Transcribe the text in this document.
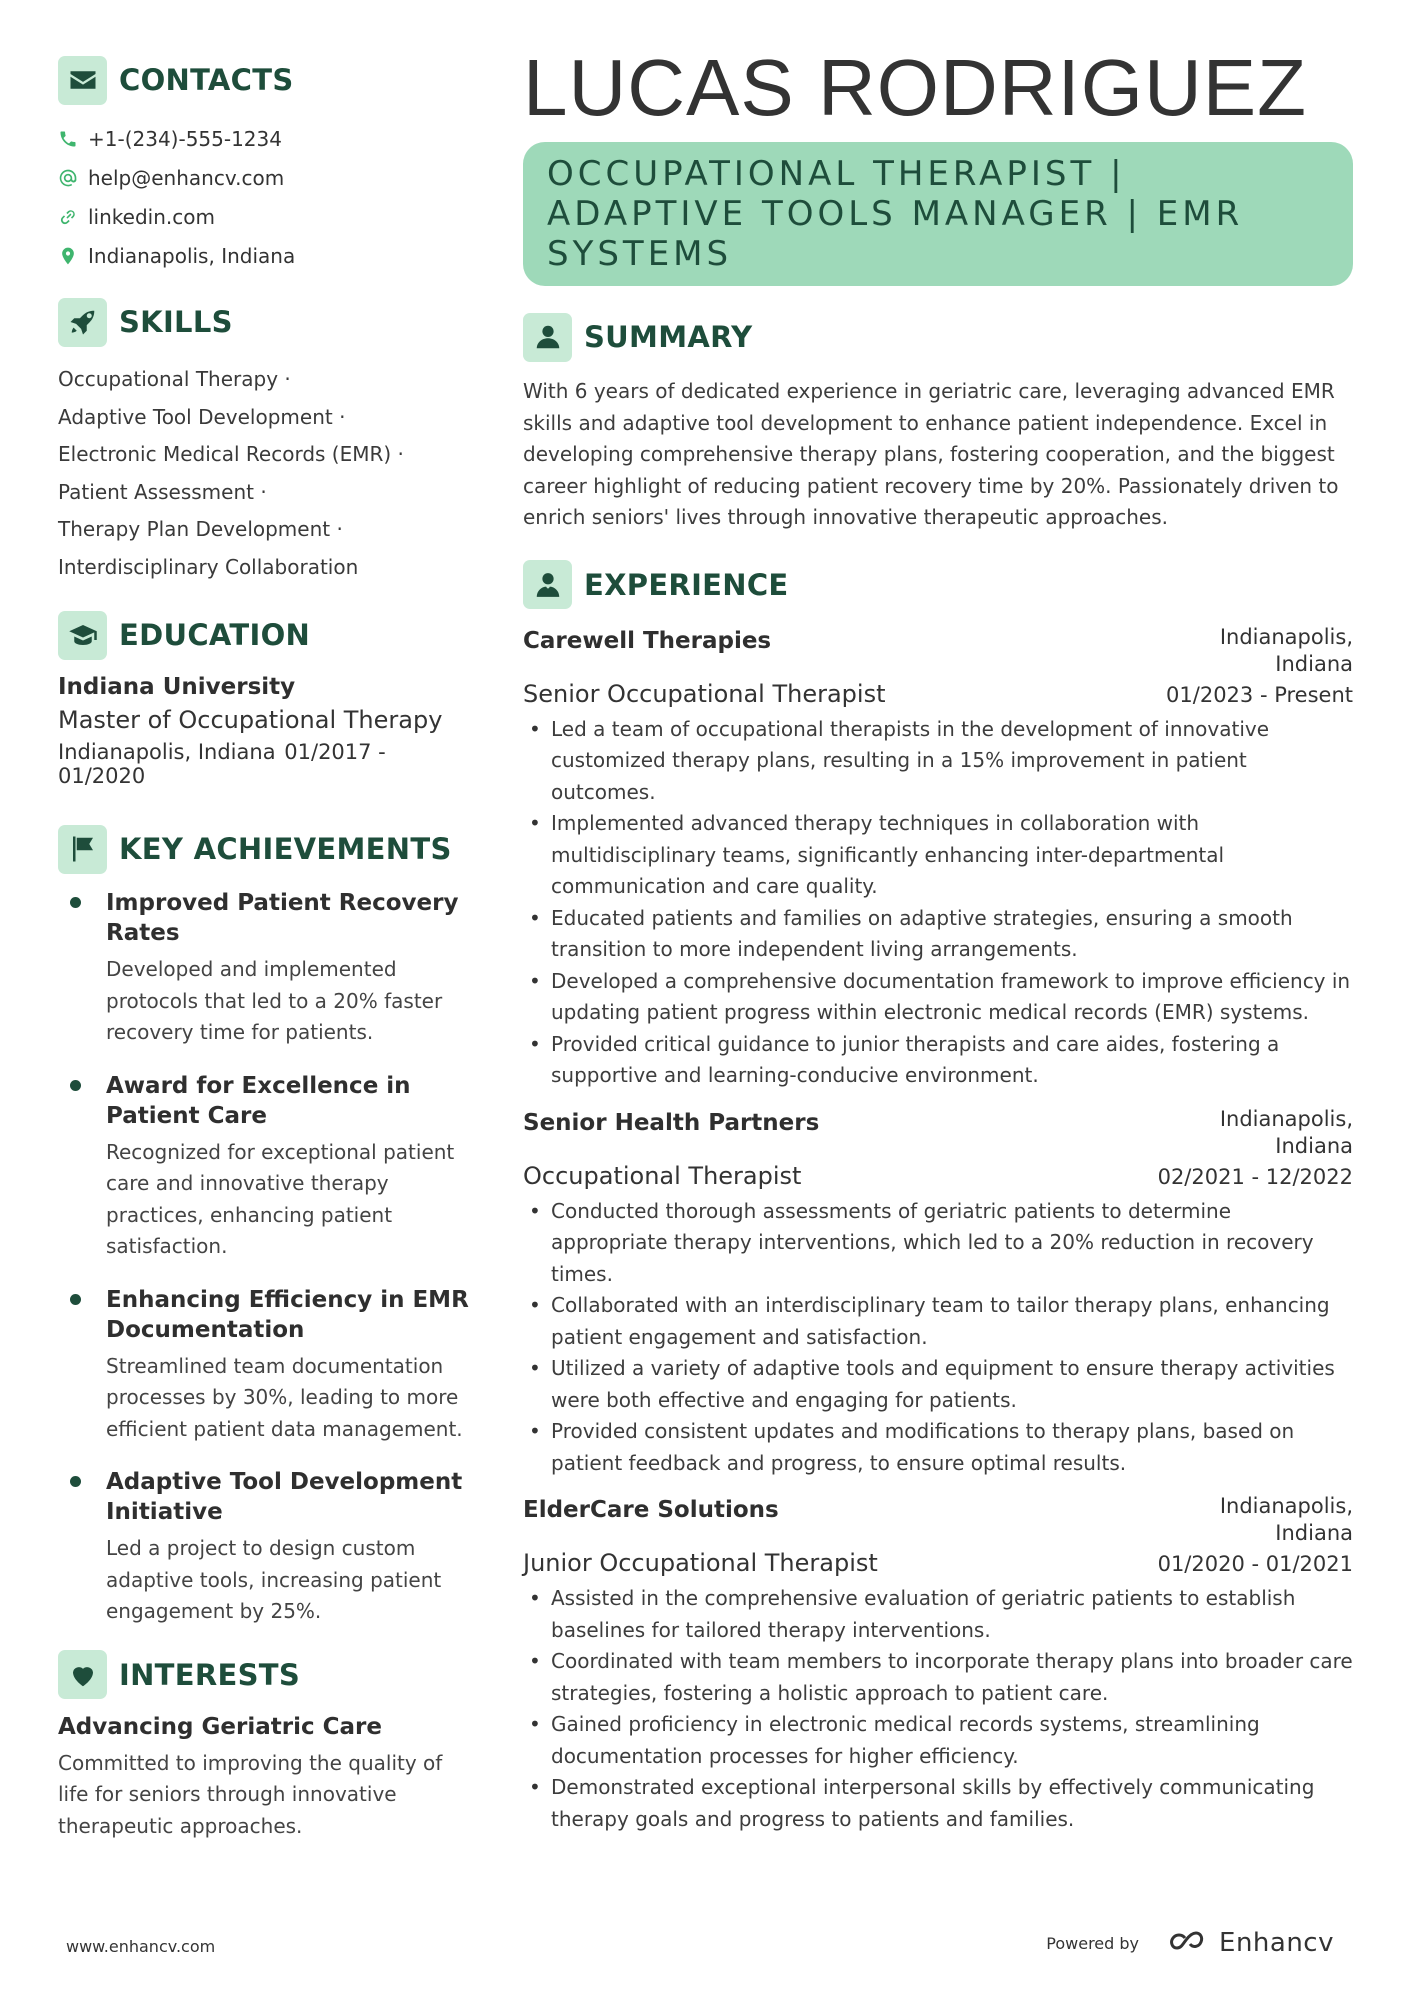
CONTACTS
+1-(234)-555-1234
help@enhancv.com
linkedin.com
Indianapolis, Indiana
SKILLS
Occupational Therapy ·
Adaptive Tool Development ·
Electronic Medical Records (EMR) ·
Patient Assessment ·
Therapy Plan Development ·
Interdisciplinary Collaboration
EDUCATION
Indiana University
Master of Occupational Therapy
Indianapolis, Indiana 01/2017 - 01/2020
KEY ACHIEVEMENTS
Improved Patient Recovery Rates
Developed and implemented protocols that led to a 20% faster recovery time for patients.
Award for Excellence in Patient Care
Recognized for exceptional patient care and innovative therapy practices, enhancing patient satisfaction.
Enhancing Efficiency in EMR Documentation
Streamlined team documentation processes by 30%, leading to more efficient patient data management.
Adaptive Tool Development Initiative
Led a project to design custom adaptive tools, increasing patient engagement by 25%.
INTERESTS
Advancing Geriatric Care
Committed to improving the quality of life for seniors through innovative therapeutic approaches.
LUCAS RODRIGUEZ
OCCUPATIONAL THERAPIST | ADAPTIVE TOOLS MANAGER | EMR SYSTEMS
SUMMARY
With 6 years of dedicated experience in geriatric care, leveraging advanced EMR skills and adaptive tool development to enhance patient independence. Excel in developing comprehensive therapy plans, fostering cooperation, and the biggest career highlight of reducing patient recovery time by 20%. Passionately driven to enrich seniors' lives through innovative therapeutic approaches.
EXPERIENCE
Carewell Therapies	Indianapolis, Indiana
Senior Occupational Therapist	01/2023 - Present
• Led a team of occupational therapists in the development of innovative customized therapy plans, resulting in a 15% improvement in patient outcomes.
• Implemented advanced therapy techniques in collaboration with multidisciplinary teams, significantly enhancing inter-departmental communication and care quality.
• Educated patients and families on adaptive strategies, ensuring a smooth transition to more independent living arrangements.
• Developed a comprehensive documentation framework to improve efficiency in updating patient progress within electronic medical records (EMR) systems.
• Provided critical guidance to junior therapists and care aides, fostering a supportive and learning-conducive environment.
Senior Health Partners	Indianapolis, Indiana
Occupational Therapist	02/2021 - 12/2022
• Conducted thorough assessments of geriatric patients to determine appropriate therapy interventions, which led to a 20% reduction in recovery times.
• Collaborated with an interdisciplinary team to tailor therapy plans, enhancing patient engagement and satisfaction.
• Utilized a variety of adaptive tools and equipment to ensure therapy activities were both effective and engaging for patients.
• Provided consistent updates and modifications to therapy plans, based on patient feedback and progress, to ensure optimal results.
ElderCare Solutions	Indianapolis, Indiana
Junior Occupational Therapist	01/2020 - 01/2021
• Assisted in the comprehensive evaluation of geriatric patients to establish baselines for tailored therapy interventions.
• Coordinated with team members to incorporate therapy plans into broader care strategies, fostering a holistic approach to patient care.
• Gained proficiency in electronic medical records systems, streamlining documentation processes for higher efficiency.
• Demonstrated exceptional interpersonal skills by effectively communicating therapy goals and progress to patients and families.
www.enhancv.com	Powered by	Enhancv
